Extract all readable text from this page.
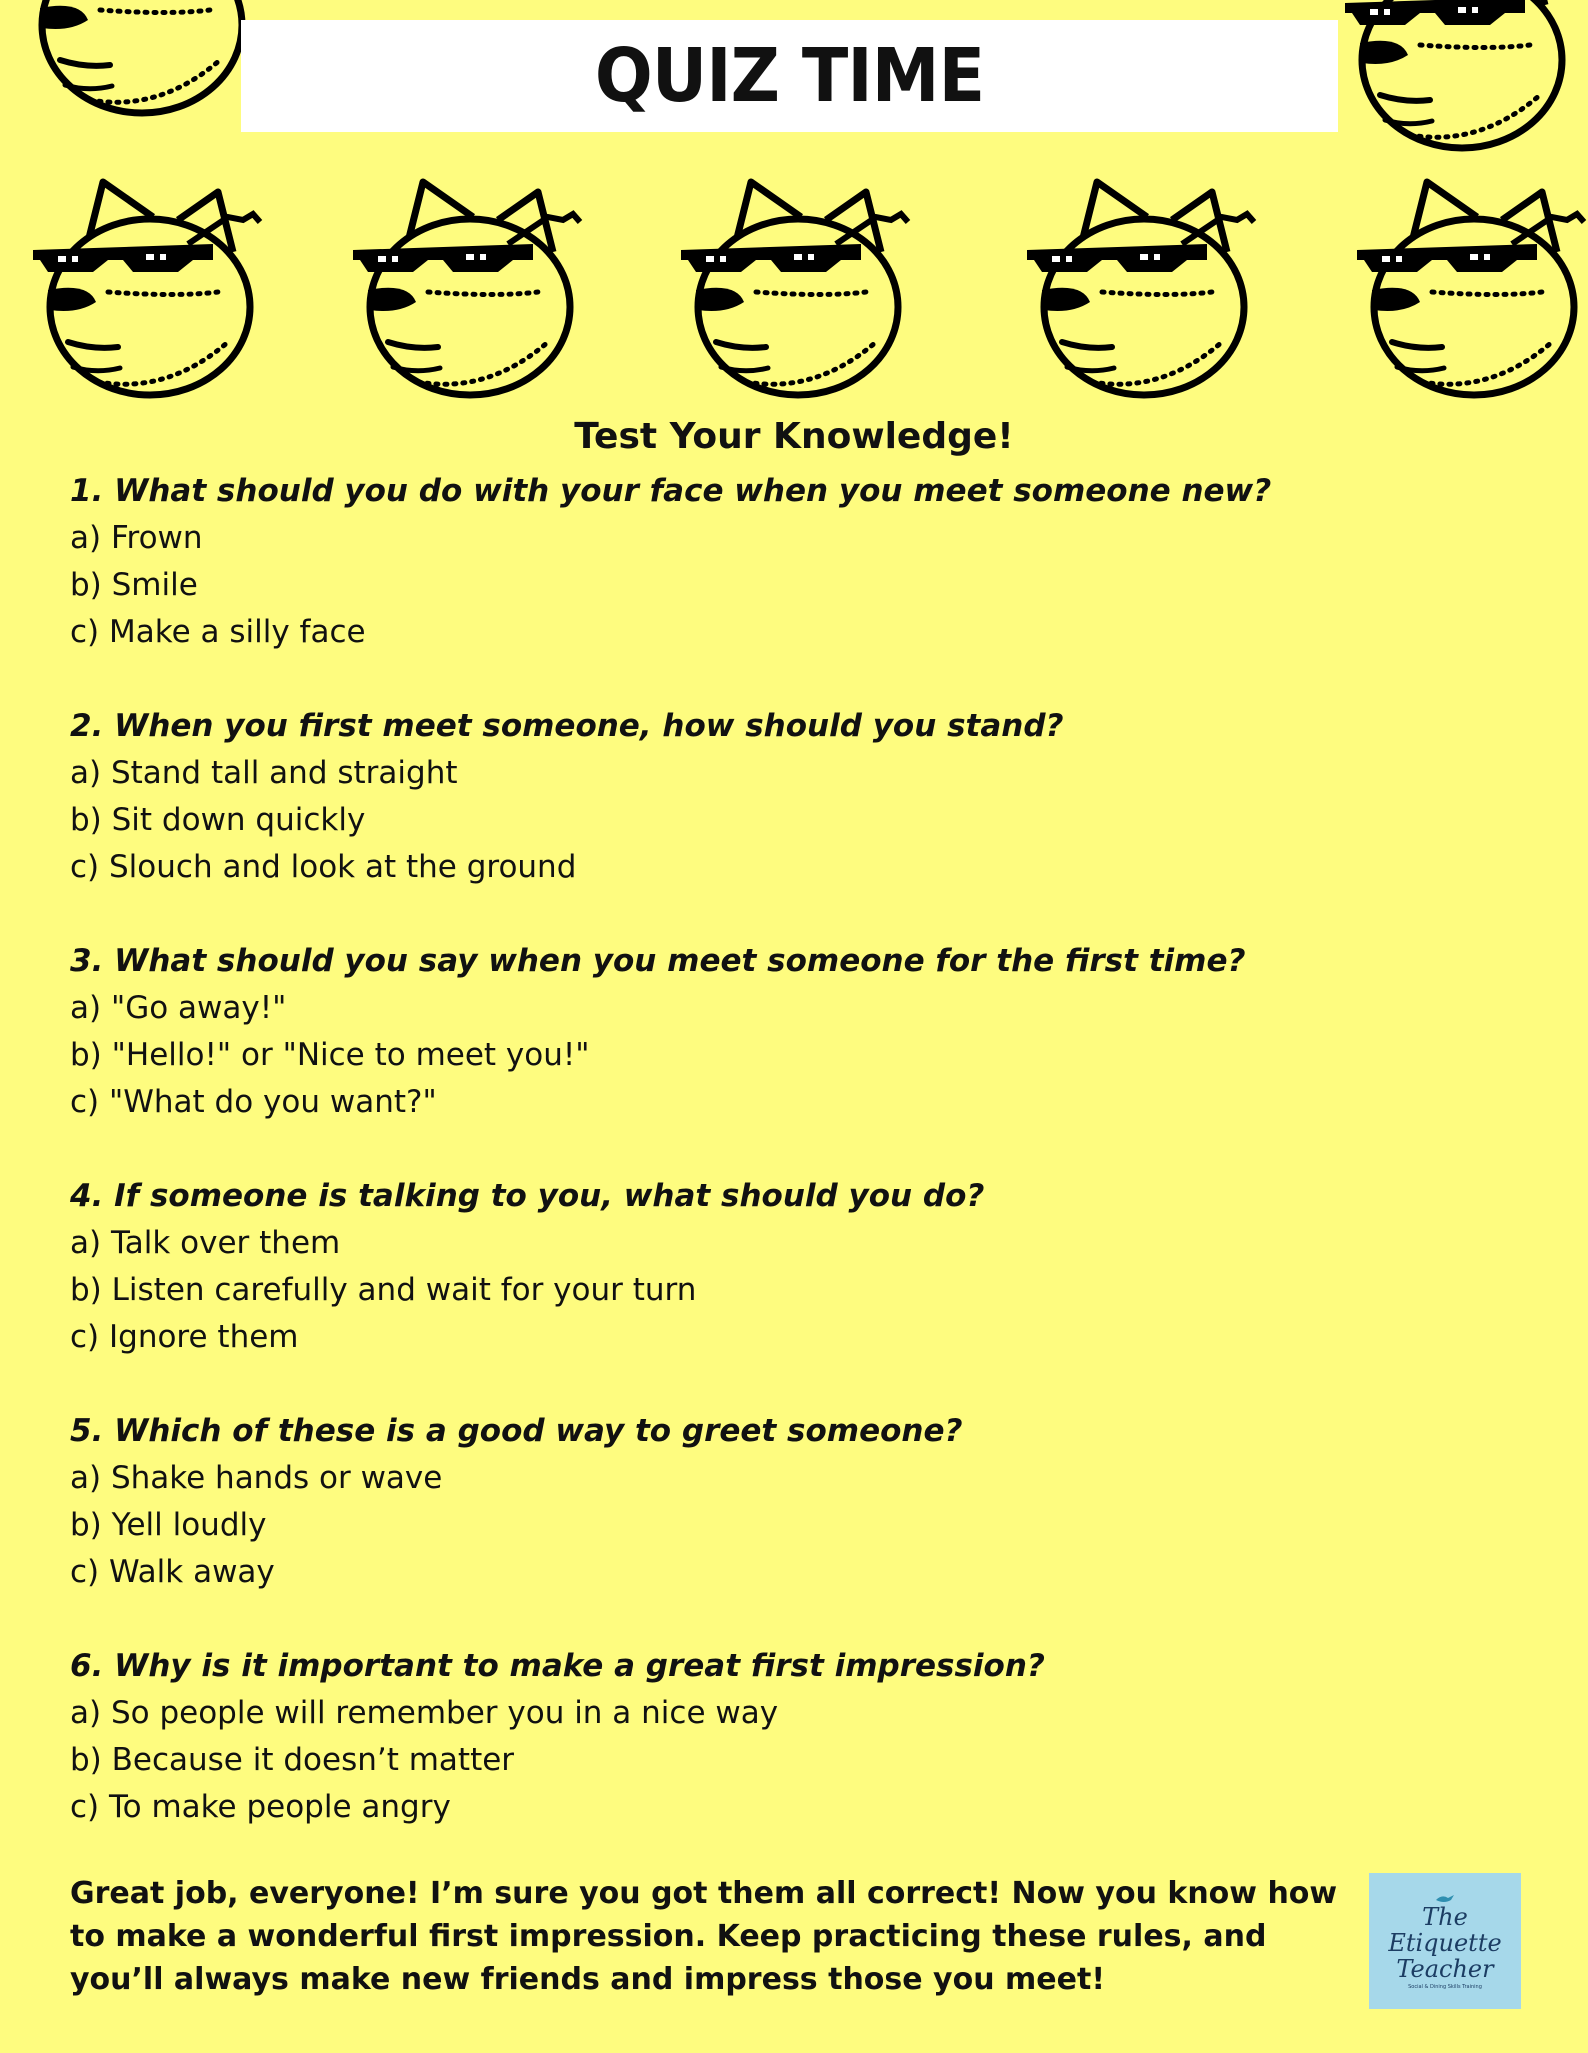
QUIZ TIME
Test Your Knowledge!
1. What should you do with your face when you meet someone new?
a) Frown
b) Smile
c) Make a silly face
2. When you first meet someone, how should you stand?
a) Stand tall and straight
b) Sit down quickly
c) Slouch and look at the ground
3. What should you say when you meet someone for the first time?
a) "Go away!"
b) "Hello!" or "Nice to meet you!"
c) "What do you want?"
4. If someone is talking to you, what should you do?
a) Talk over them
b) Listen carefully and wait for your turn
c) Ignore them
5. Which of these is a good way to greet someone?
a) Shake hands or wave
b) Yell loudly
c) Walk away
6. Why is it important to make a great first impression?
a) So people will remember you in a nice way
b) Because it doesn’t matter
c) To make people angry
Great job, everyone! I’m sure you got them all correct! Now you know how to make a wonderful first impression. Keep practicing these rules, and you’ll always make new friends and impress those you meet!
The
Etiquette
Teacher
Social & Dining Skills Training
